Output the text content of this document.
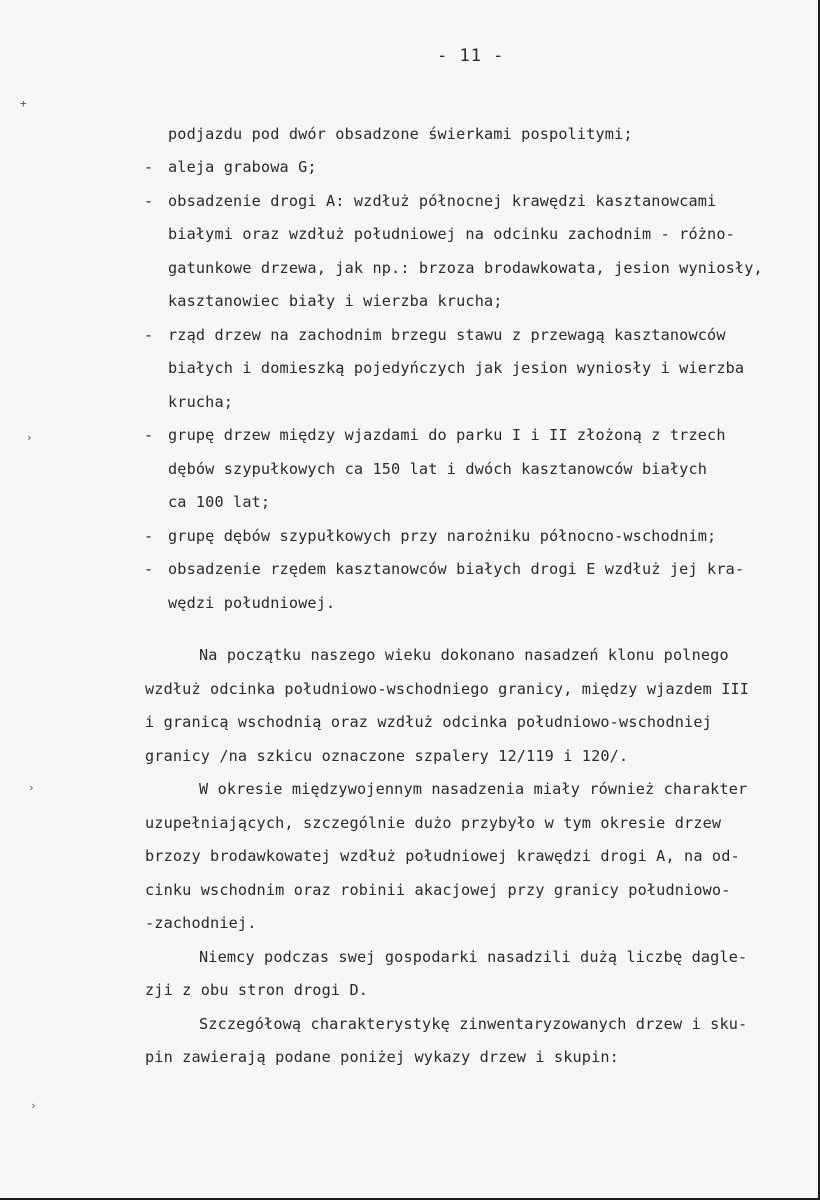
- 11 -
+
›
›
›
podjazdu pod dwór obsadzone świerkami pospolitymi;
- aleja grabowa G;
- obsadzenie drogi A: wzdłuż północnej krawędzi kasztanowcami
białymi oraz wzdłuż południowej na odcinku zachodnim - różno-
gatunkowe drzewa, jak np.: brzoza brodawkowata, jesion wyniosły,
kasztanowiec biały i wierzba krucha;
- rząd drzew na zachodnim brzegu stawu z przewagą kasztanowców
białych i domieszką pojedyńczych jak jesion wyniosły i wierzba
krucha;
- grupę drzew między wjazdami do parku I i II złożoną z trzech
dębów szypułkowych ca 150 lat i dwóch kasztanowców białych
ca 100 lat;
- grupę dębów szypułkowych przy narożniku północno-wschodnim;
- obsadzenie rzędem kasztanowców białych drogi E wzdłuż jej kra-
wędzi południowej.
Na początku naszego wieku dokonano nasadzeń klonu polnego
wzdłuż odcinka południowo-wschodniego granicy, między wjazdem III
i granicą wschodnią oraz wzdłuż odcinka południowo-wschodniej
granicy /na szkicu oznaczone szpalery 12/119 i 120/.
W okresie międzywojennym nasadzenia miały również charakter
uzupełniających, szczególnie dużo przybyło w tym okresie drzew
brzozy brodawkowatej wzdłuż południowej krawędzi drogi A, na od-
cinku wschodnim oraz robinii akacjowej przy granicy południowo-
-zachodniej.
Niemcy podczas swej gospodarki nasadzili dużą liczbę dagle-
zji z obu stron drogi D.
Szczegółową charakterystykę zinwentaryzowanych drzew i sku-
pin zawierają podane poniżej wykazy drzew i skupin:
